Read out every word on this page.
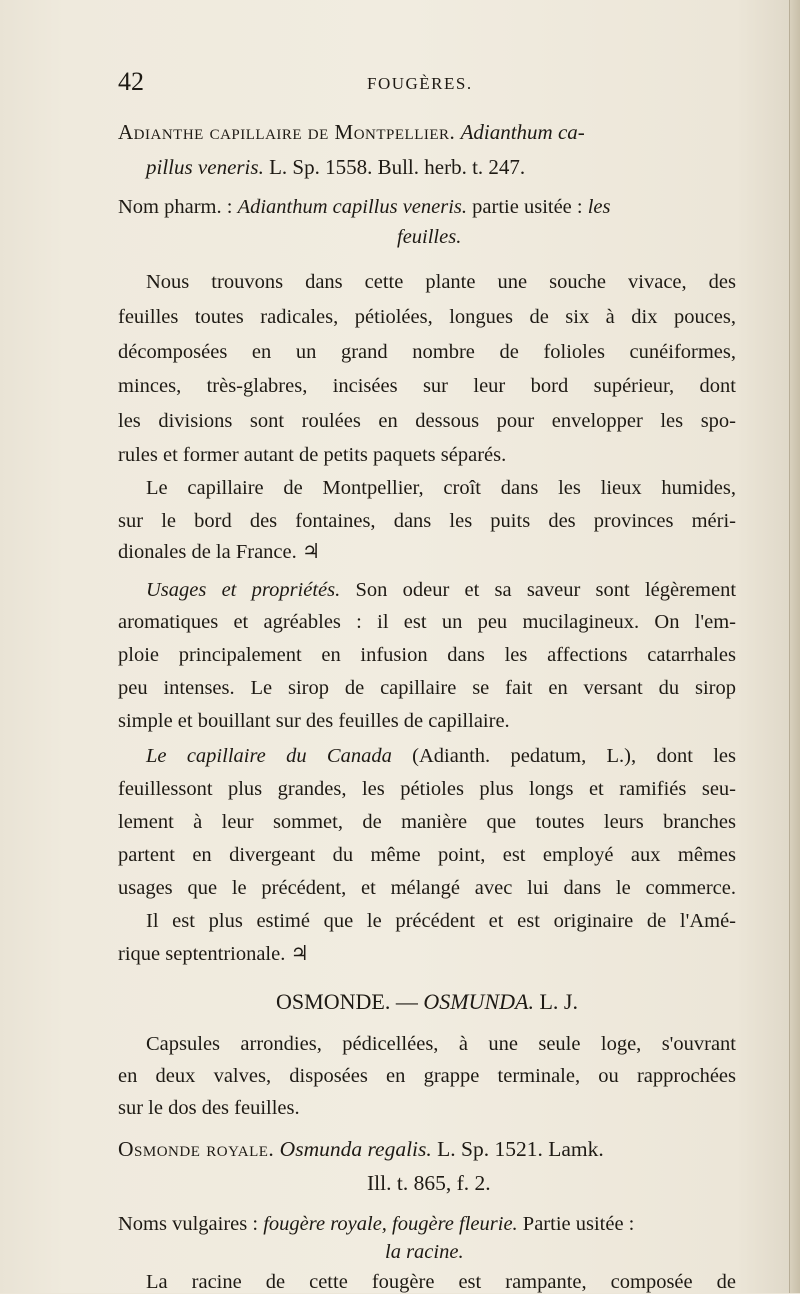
42	FOUGÈRES.
Adianthe capillaire de Montpellier. Adianthum ca-
pillus veneris. L. Sp. 1558. Bull. herb. t. 247.
Nom pharm. : Adianthum capillus veneris. partie usitée : les
feuilles.
Nous trouvons dans cette plante une souche vivace, des
feuilles toutes radicales, pétiolées, longues de six à dix pouces,
décomposées en un grand nombre de folioles cunéiformes,
minces, très-glabres, incisées sur leur bord supérieur, dont
les divisions sont roulées en dessous pour envelopper les spo-
rules et former autant de petits paquets séparés.
Le capillaire de Montpellier, croît dans les lieux humides,
sur le bord des fontaines, dans les puits des provinces méri-
dionales de la France. ♃
Usages et propriétés. Son odeur et sa saveur sont légèrement
aromatiques et agréables : il est un peu mucilagineux. On l'em-
ploie principalement en infusion dans les affections catarrhales
peu intenses. Le sirop de capillaire se fait en versant du sirop
simple et bouillant sur des feuilles de capillaire.
Le capillaire du Canada (Adianth. pedatum, L.), dont les
feuillessont plus grandes, les pétioles plus longs et ramifiés seu-
lement à leur sommet, de manière que toutes leurs branches
partent en divergeant du même point, est employé aux mêmes
usages que le précédent, et mélangé avec lui dans le commerce.
Il est plus estimé que le précédent et est originaire de l'Amé-
rique septentrionale. ♃
OSMONDE. — OSMUNDA. L. J.
Capsules arrondies, pédicellées, à une seule loge, s'ouvrant
en deux valves, disposées en grappe terminale, ou rapprochées
sur le dos des feuilles.
Osmonde royale. Osmunda regalis. L. Sp. 1521. Lamk.
Ill. t. 865, f. 2.
Noms vulgaires : fougère royale, fougère fleurie. Partie usitée :
la racine.
La racine de cette fougère est rampante, composée de
